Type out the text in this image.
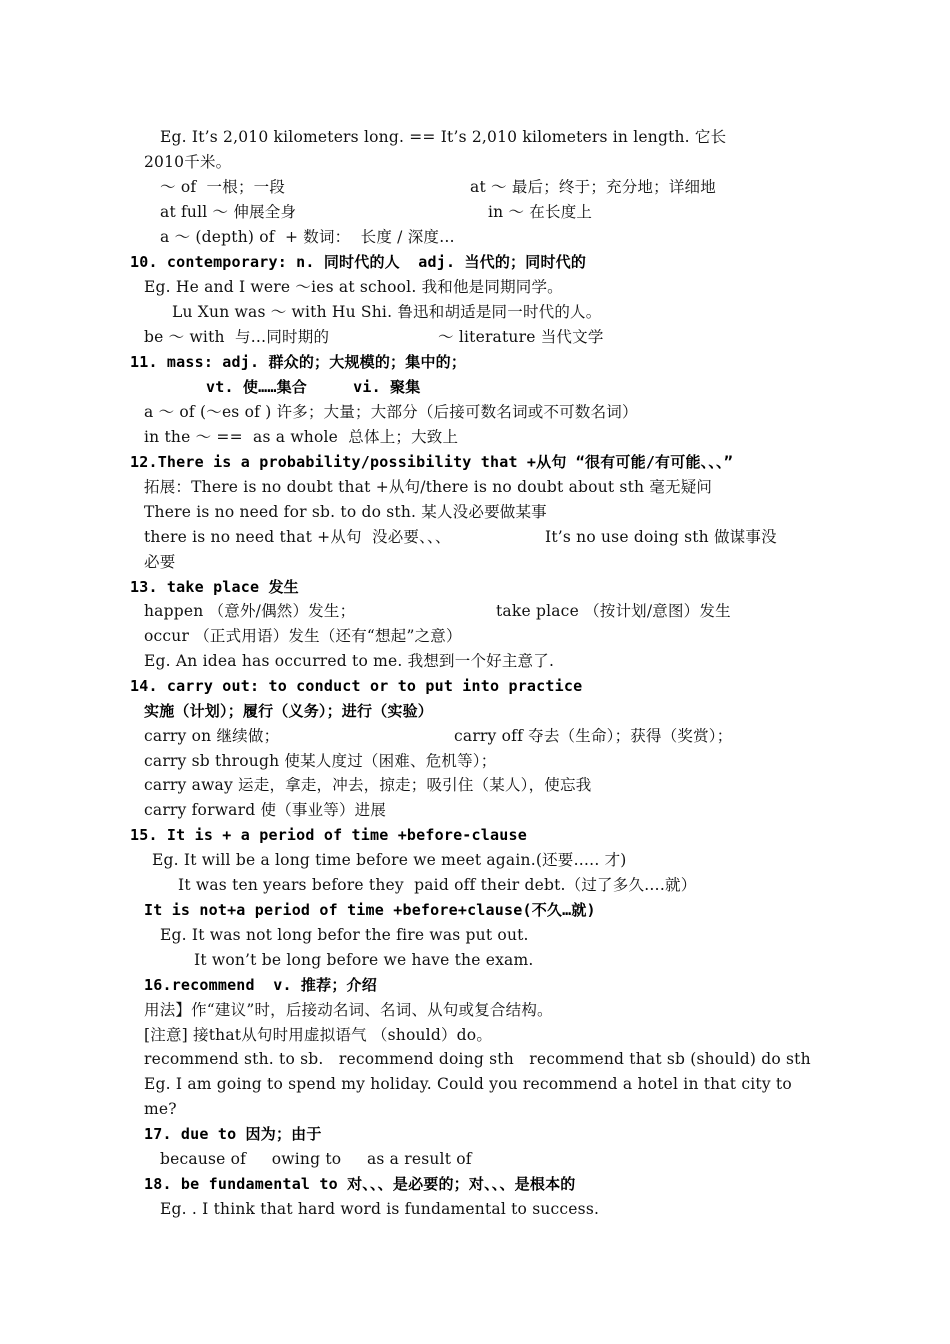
Eg. It’s 2,010 kilometers long. == It’s 2,010 kilometers in length. 它长
2010千米。
～ of  一根；一段	at ～ 最后；终于；充分地；详细地
at full ～ 伸展全身	in ～ 在长度上
a ～ (depth) of  + 数词：  长度 / 深度…
10. contemporary: n. 同时代的人  adj. 当代的；同时代的
Eg. He and I were ～ies at school. 我和他是同期同学。
Lu Xun was ～ with Hu Shi. 鲁迅和胡适是同一时代的人。
be ～ with  与…同时期的	～ literature 当代文学
11. mass: adj. 群众的；大规模的；集中的；
vt. 使……集合     vi. 聚集
a ～ of (～es of ) 许多；大量；大部分（后接可数名词或不可数名词）
in the ～ ==  as a whole  总体上；大致上
12.There is a probability/possibility that +从句 “很有可能/有可能、、、”
拓展：There is no doubt that +从句/there is no doubt about sth 毫无疑问
There is no need for sb. to do sth. 某人没必要做某事
there is no need that +从句  没必要、、、	It’s no use doing sth 做谋事没
必要
13. take place 发生
happen （意外/偶然）发生；	take place （按计划/意图）发生
occur （正式用语）发生（还有“想起”之意）
Eg. An idea has occurred to me. 我想到一个好主意了.
14. carry out: to conduct or to put into practice
实施（计划）；履行（义务）；进行（实验）
carry on 继续做；	carry off 夺去（生命）；获得（奖赏）；
carry sb through 使某人度过（困难、危机等）；
carry away 运走，拿走，冲去，掠走；吸引住（某人），使忘我
carry forward 使（事业等）进展
15. It is + a period of time +before-clause
Eg. It will be a long time before we meet again.(还要….. 才)
It was ten years before they  paid off their debt.（过了多久….就）
It is not+a period of time +before+clause(不久…就)
Eg. It was not long befor the fire was put out.
It won’t be long before we have the exam.
16.recommend  v. 推荐；介绍
用法】作“建议”时，后接动名词、名词、从句或复合结构。
[注意] 接that从句时用虚拟语气 （should）do。
recommend sth. to sb.   recommend doing sth   recommend that sb (should) do sth
Eg. I am going to spend my holiday. Could you recommend a hotel in that city to
me?
17. due to 因为；由于
because of     owing to     as a result of
18. be fundamental to 对、、、是必要的；对、、、是根本的
Eg. . I think that hard word is fundamental to success.
